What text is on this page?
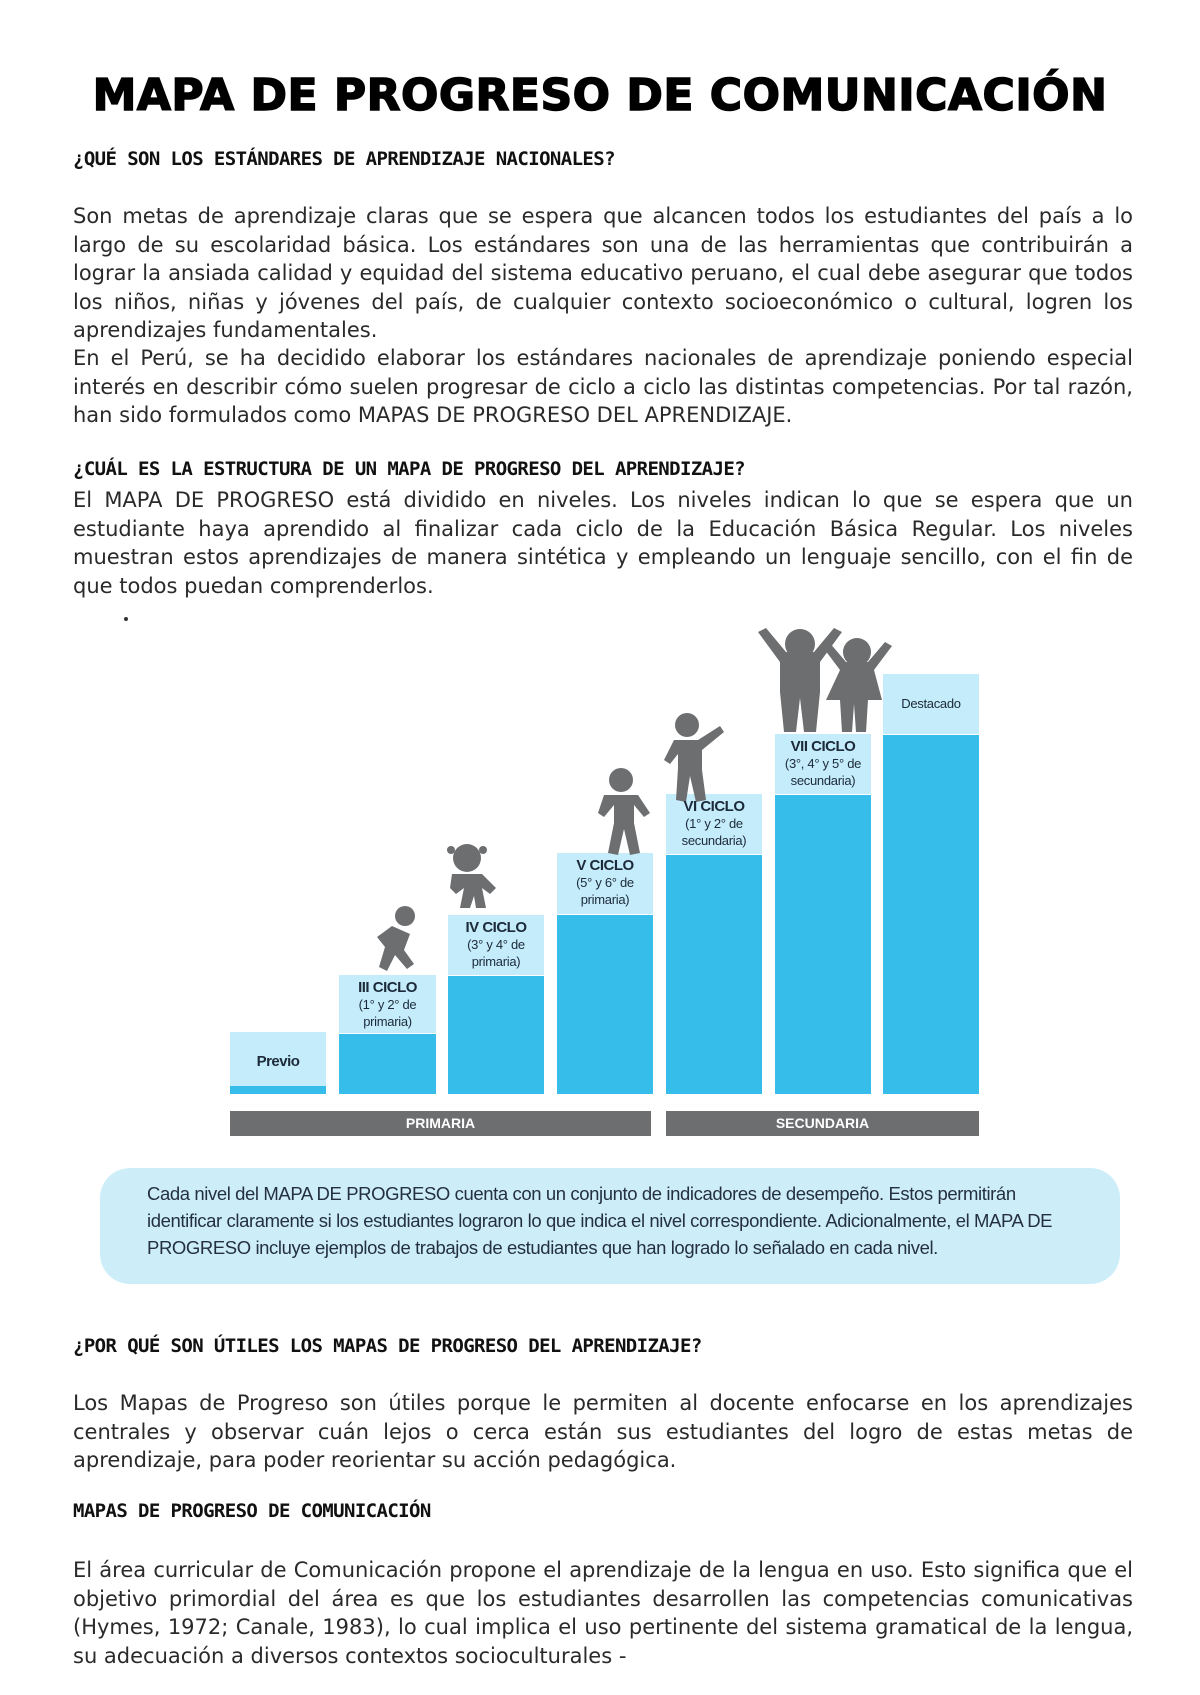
MAPA DE PROGRESO DE COMUNICACIÓN
¿QUÉ SON LOS ESTÁNDARES DE APRENDIZAJE NACIONALES?

Son metas de aprendizaje claras que se espera que alcancen todos los estudiantes del país a lo largo de su escolaridad básica. Los estándares son una de las herramientas que contribuirán a lograr la ansiada calidad y equidad del sistema educativo peruano, el cual debe asegurar que todos los niños, niñas y jóvenes del país, de cualquier contexto socioeconómico o cultural, logren los aprendizajes fundamentales.

En el Perú, se ha decidido elaborar los estándares nacionales de aprendizaje poniendo especial interés en describir cómo suelen progresar de ciclo a ciclo las distintas competencias. Por tal razón, han sido formulados como MAPAS DE PROGRESO DEL APRENDIZAJE.

¿CUÁL ES LA ESTRUCTURA DE UN MAPA DE PROGRESO DEL APRENDIZAJE?

El MAPA DE PROGRESO está dividido en niveles. Los niveles indican lo que se espera que un estudiante haya aprendido al finalizar cada ciclo de la Educación Básica Regular. Los niveles muestran estos aprendizajes de manera sintética y empleando un lenguaje sencillo, con el fin de que todos puedan comprenderlos.

Previo
III CICLO
(1° y 2° de primaria)
IV CICLO
(3° y 4° de primaria)
V CICLO
(5° y 6° de primaria)
VI CICLO
(1° y 2° de secundaria)
VII CICLO
(3°, 4° y 5° de secundaria)
Destacado
PRIMARIA	SECUNDARIA

Cada nivel del MAPA DE PROGRESO cuenta con un conjunto de indicadores de desempeño. Estos permitirán identificar claramente si los estudiantes lograron lo que indica el nivel correspondiente. Adicionalmente, el MAPA DE PROGRESO incluye ejemplos de trabajos de estudiantes que han logrado lo señalado en cada nivel.

¿POR QUÉ SON ÚTILES LOS MAPAS DE PROGRESO DEL APRENDIZAJE?

Los Mapas de Progreso son útiles porque le permiten al docente enfocarse en los aprendizajes centrales y observar cuán lejos o cerca están sus estudiantes del logro de estas metas de aprendizaje, para poder reorientar su acción pedagógica.

MAPAS DE PROGRESO DE COMUNICACIÓN

El área curricular de Comunicación propone el aprendizaje de la lengua en uso. Esto significa que el objetivo primordial del área es que los estudiantes desarrollen las competencias comunicativas (Hymes, 1972; Canale, 1983), lo cual implica el uso pertinente del sistema gramatical de la lengua, su adecuación a diversos contextos socioculturales -
